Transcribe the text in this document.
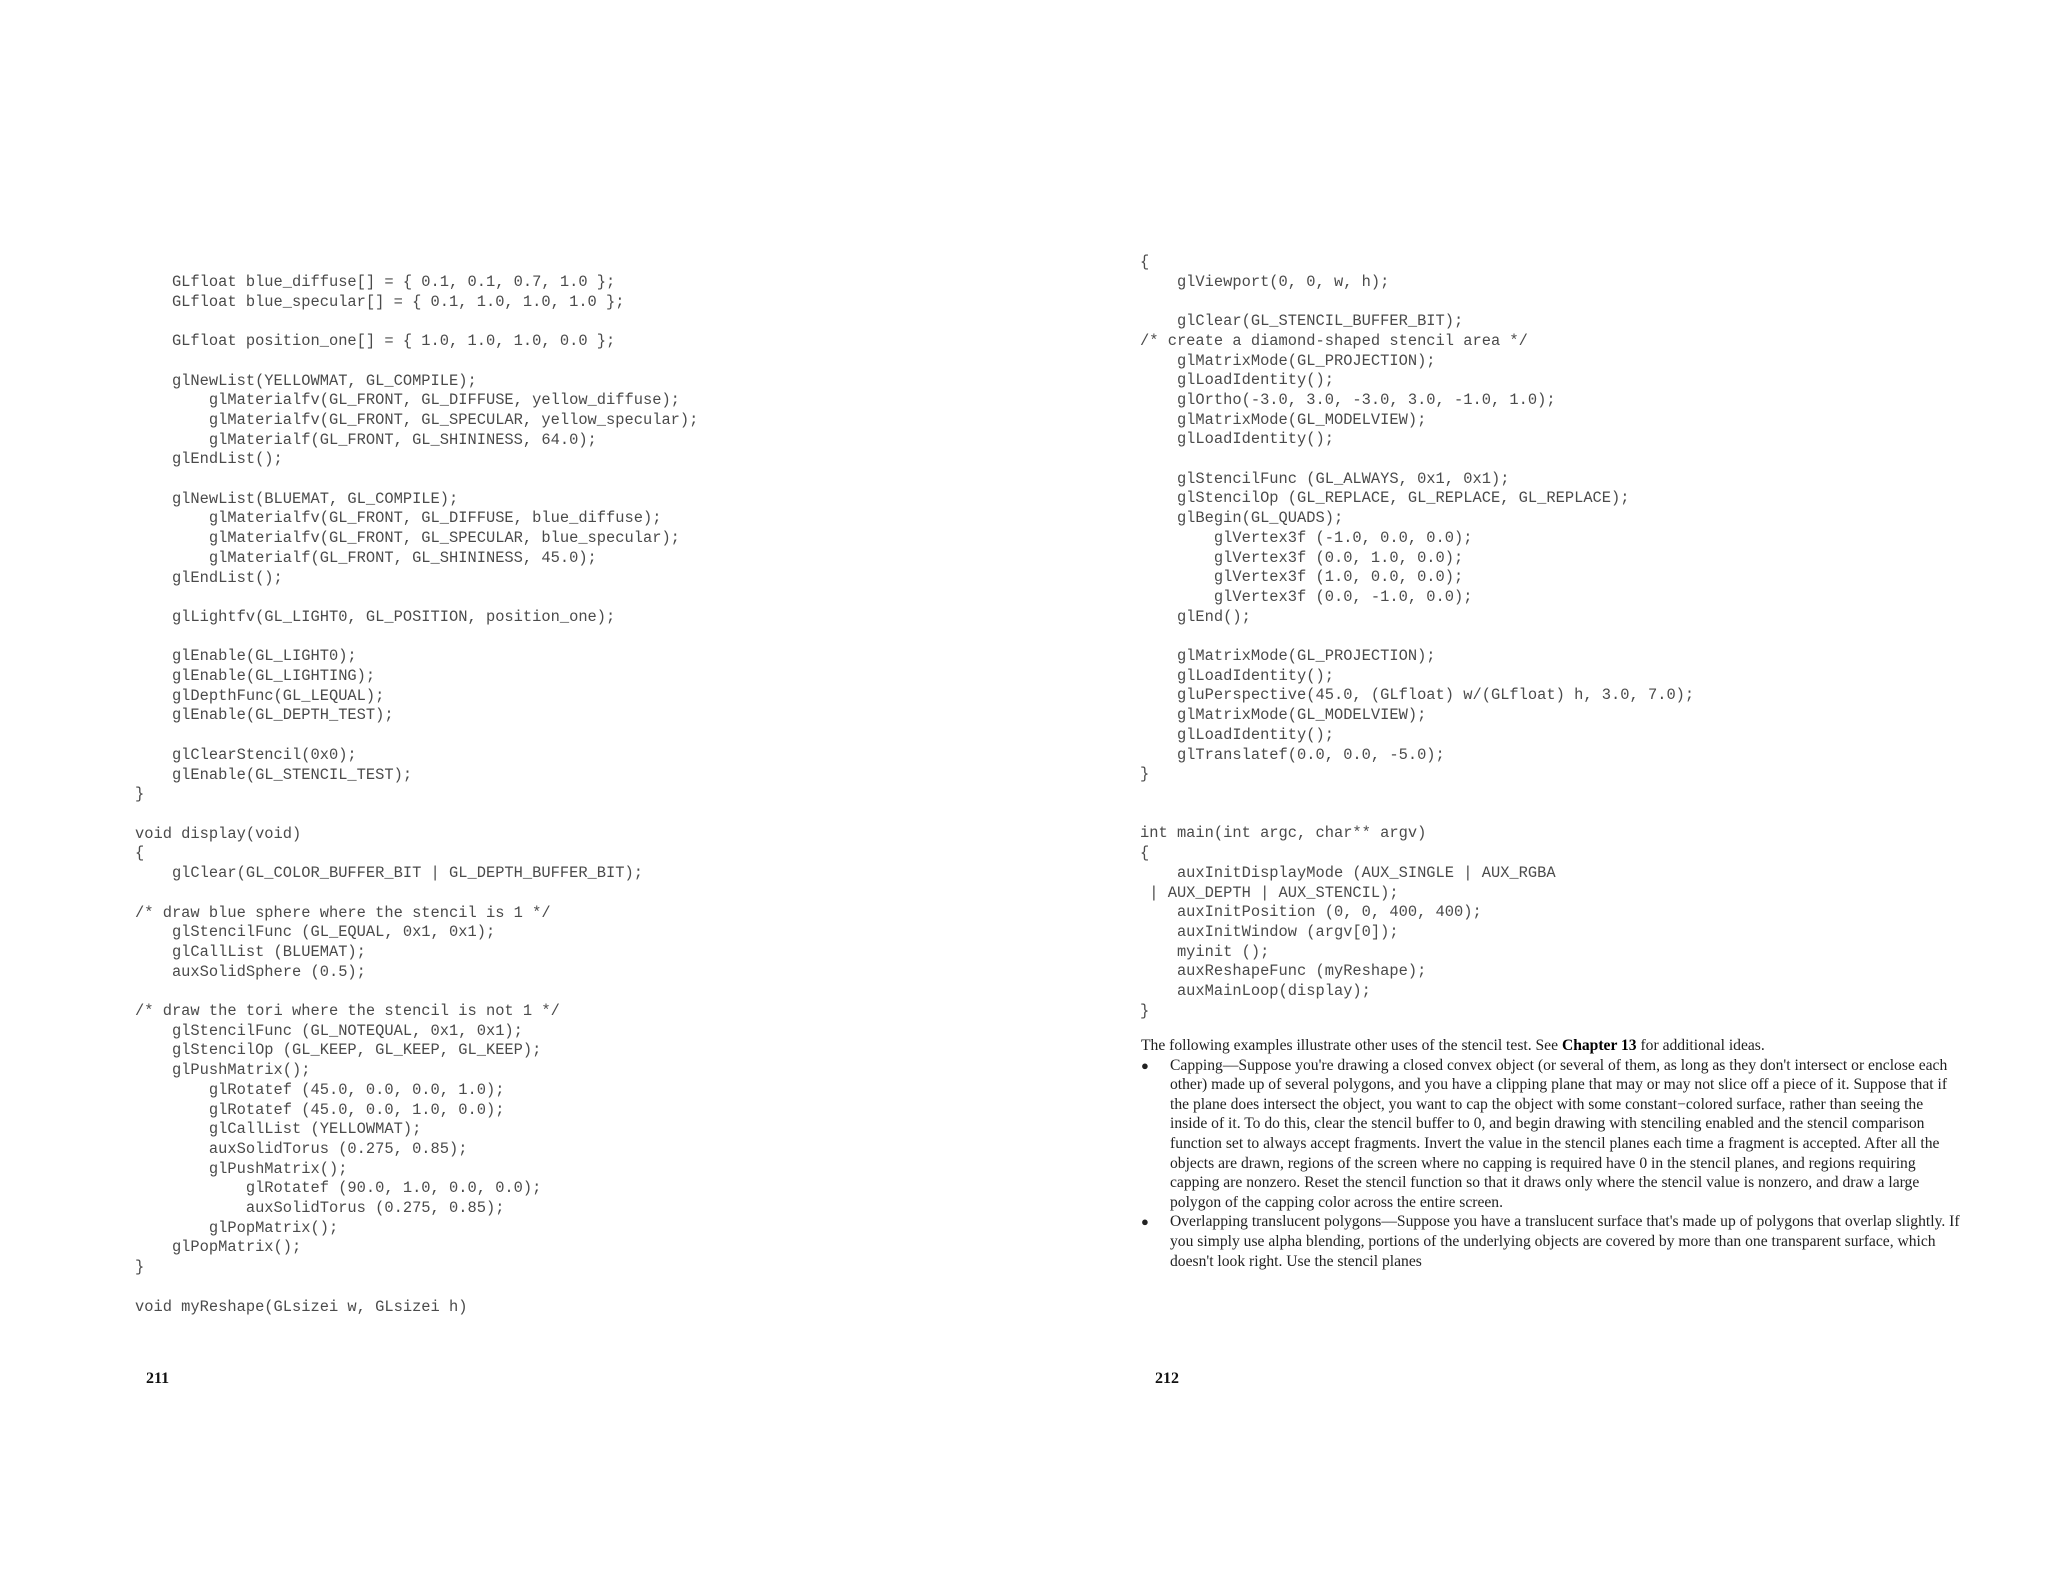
GLfloat blue_diffuse[] = { 0.1, 0.1, 0.7, 1.0 };
GLfloat blue_specular[] = { 0.1, 1.0, 1.0, 1.0 };

GLfloat position_one[] = { 1.0, 1.0, 1.0, 0.0 };

glNewList(YELLOWMAT, GL_COMPILE);
glMaterialfv(GL_FRONT, GL_DIFFUSE, yellow_diffuse);
glMaterialfv(GL_FRONT, GL_SPECULAR, yellow_specular);
glMaterialf(GL_FRONT, GL_SHININESS, 64.0);
glEndList();

glNewList(BLUEMAT, GL_COMPILE);
glMaterialfv(GL_FRONT, GL_DIFFUSE, blue_diffuse);
glMaterialfv(GL_FRONT, GL_SPECULAR, blue_specular);
glMaterialf(GL_FRONT, GL_SHININESS, 45.0);
glEndList();

glLightfv(GL_LIGHT0, GL_POSITION, position_one);

glEnable(GL_LIGHT0);
glEnable(GL_LIGHTING);
glDepthFunc(GL_LEQUAL);
glEnable(GL_DEPTH_TEST);

glClearStencil(0x0);
glEnable(GL_STENCIL_TEST);
}

void display(void)
{
glClear(GL_COLOR_BUFFER_BIT | GL_DEPTH_BUFFER_BIT);

/* draw blue sphere where the stencil is 1 */
glStencilFunc (GL_EQUAL, 0x1, 0x1);
glCallList (BLUEMAT);
auxSolidSphere (0.5);

/* draw the tori where the stencil is not 1 */
glStencilFunc (GL_NOTEQUAL, 0x1, 0x1);
glStencilOp (GL_KEEP, GL_KEEP, GL_KEEP);
glPushMatrix();
glRotatef (45.0, 0.0, 0.0, 1.0);
glRotatef (45.0, 0.0, 1.0, 0.0);
glCallList (YELLOWMAT);
auxSolidTorus (0.275, 0.85);
glPushMatrix();
glRotatef (90.0, 1.0, 0.0, 0.0);
auxSolidTorus (0.275, 0.85);
glPopMatrix();
glPopMatrix();
}

void myReshape(GLsizei w, GLsizei h)
211
{
glViewport(0, 0, w, h);

glClear(GL_STENCIL_BUFFER_BIT);
/* create a diamond-shaped stencil area */
glMatrixMode(GL_PROJECTION);
glLoadIdentity();
glOrtho(-3.0, 3.0, -3.0, 3.0, -1.0, 1.0);
glMatrixMode(GL_MODELVIEW);
glLoadIdentity();

glStencilFunc (GL_ALWAYS, 0x1, 0x1);
glStencilOp (GL_REPLACE, GL_REPLACE, GL_REPLACE);
glBegin(GL_QUADS);
glVertex3f (-1.0, 0.0, 0.0);
glVertex3f (0.0, 1.0, 0.0);
glVertex3f (1.0, 0.0, 0.0);
glVertex3f (0.0, -1.0, 0.0);
glEnd();

glMatrixMode(GL_PROJECTION);
glLoadIdentity();
gluPerspective(45.0, (GLfloat) w/(GLfloat) h, 3.0, 7.0);
glMatrixMode(GL_MODELVIEW);
glLoadIdentity();
glTranslatef(0.0, 0.0, -5.0);
}

int main(int argc, char** argv)
{
auxInitDisplayMode (AUX_SINGLE | AUX_RGBA
| AUX_DEPTH | AUX_STENCIL);
auxInitPosition (0, 0, 400, 400);
auxInitWindow (argv[0]);
myinit ();
auxReshapeFunc (myReshape);
auxMainLoop(display);
}

The following examples illustrate other uses of the stencil test. See Chapter 13 for additional ideas.

● Capping—Suppose you're drawing a closed convex object (or several of them, as long as they don't intersect or enclose each other) made up of several polygons, and you have a clipping plane that may or may not slice off a piece of it. Suppose that if the plane does intersect the object, you want to cap the object with some constant−colored surface, rather than seeing the inside of it. To do this, clear the stencil buffer to 0, and begin drawing with stenciling enabled and the stencil comparison function set to always accept fragments. Invert the value in the stencil planes each time a fragment is accepted. After all the objects are drawn, regions of the screen where no capping is required have 0 in the stencil planes, and regions requiring capping are nonzero. Reset the stencil function so that it draws only where the stencil value is nonzero, and draw a large polygon of the capping color across the entire screen.
● Overlapping translucent polygons—Suppose you have a translucent surface that's made up of polygons that overlap slightly. If you simply use alpha blending, portions of the underlying objects are covered by more than one transparent surface, which doesn't look right. Use the stencil planes
212
